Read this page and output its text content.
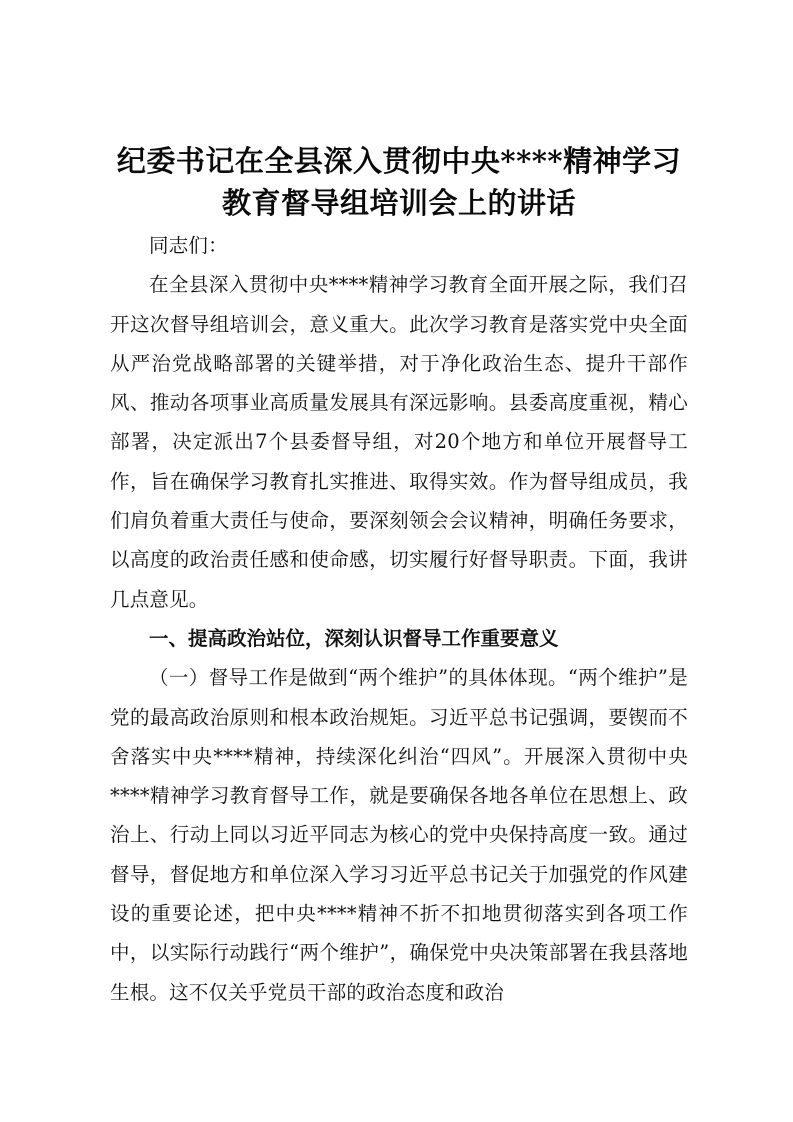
纪委书记在全县深入贯彻中央****精神学习教育督导组培训会上的讲话

同志们：

在全县深入贯彻中央****精神学习教育全面开展之际，我们召开这次督导组培训会，意义重大。此次学习教育是落实党中央全面从严治党战略部署的关键举措，对于净化政治生态、提升干部作风、推动各项事业高质量发展具有深远影响。县委高度重视，精心部署，决定派出7个县委督导组，对20个地方和单位开展督导工作，旨在确保学习教育扎实推进、取得实效。作为督导组成员，我们肩负着重大责任与使命，要深刻领会会议精神，明确任务要求，以高度的政治责任感和使命感，切实履行好督导职责。下面，我讲几点意见。

一、提高政治站位，深刻认识督导工作重要意义

（一）督导工作是做到“两个维护”的具体体现。“两个维护”是党的最高政治原则和根本政治规矩。习近平总书记强调，要锲而不舍落实中央****精神，持续深化纠治“四风”。开展深入贯彻中央****精神学习教育督导工作，就是要确保各地各单位在思想上、政治上、行动上同以习近平同志为核心的党中央保持高度一致。通过督导，督促地方和单位深入学习习近平总书记关于加强党的作风建设的重要论述，把中央****精神不折不扣地贯彻落实到各项工作中，以实际行动践行“两个维护”，确保党中央决策部署在我县落地生根。这不仅关乎党员干部的政治态度和政治
